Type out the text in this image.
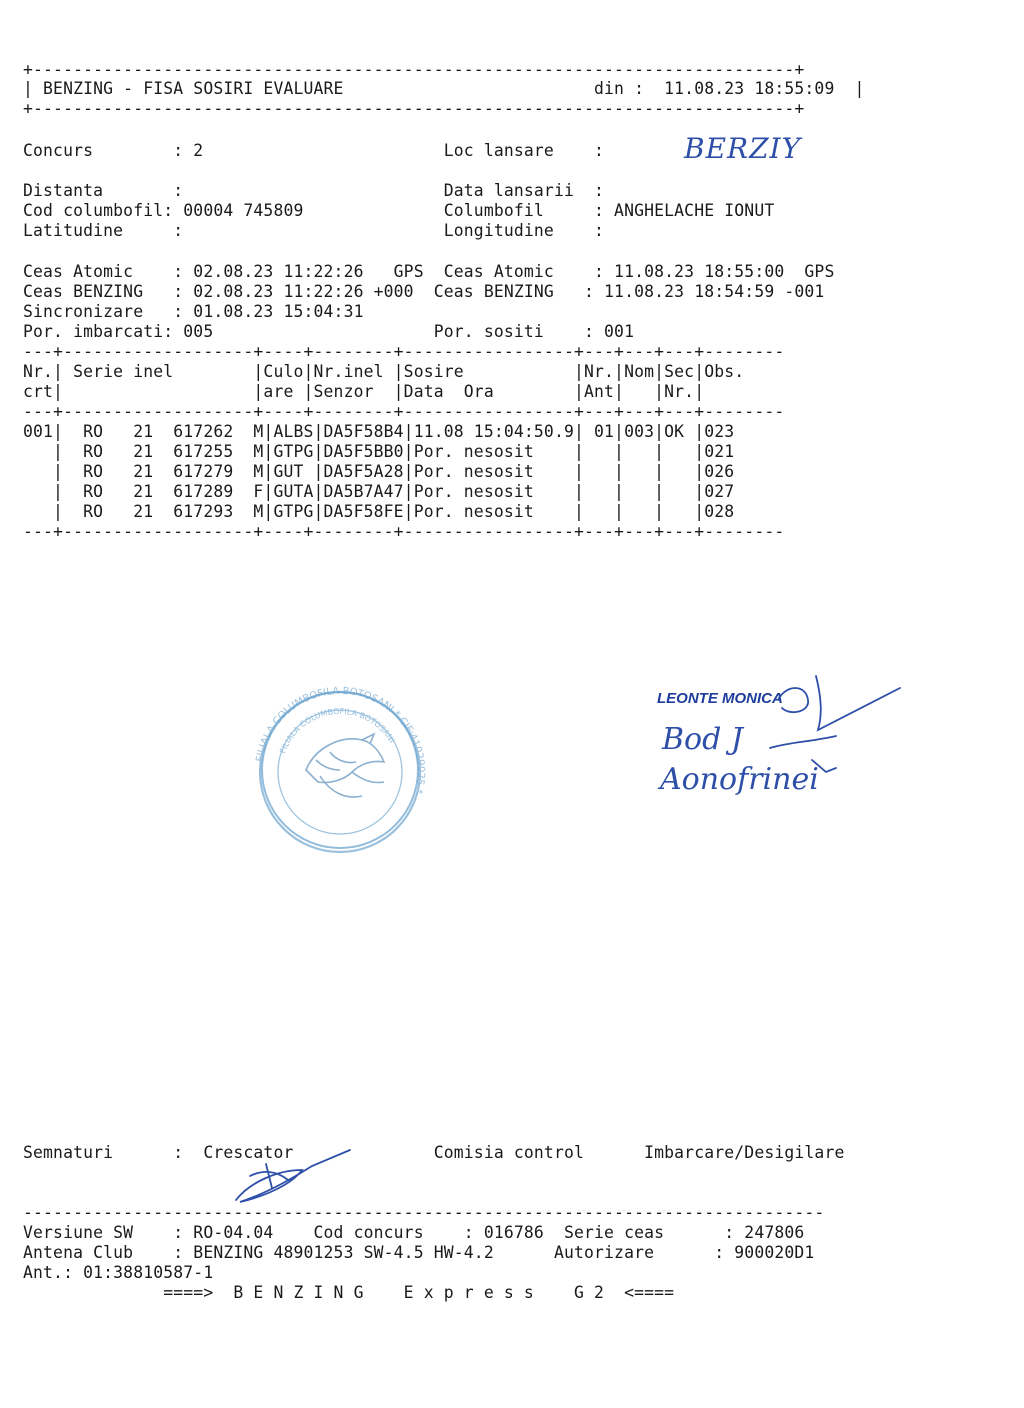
+----------------------------------------------------------------------------+

| BENZING - FISA SOSIRI EVALUARE                         din :  11.08.23 18:55:09  |

+----------------------------------------------------------------------------+

Concurs        : 2                        Loc lansare    :

Distanta       :                          Data lansarii  :

Cod columbofil: 00004 745809              Columbofil     : ANGHELACHE IONUT

Latitudine     :                          Longitudine    :

Ceas Atomic    : 02.08.23 11:22:26   GPS  Ceas Atomic    : 11.08.23 18:55:00  GPS

Ceas BENZING   : 02.08.23 11:22:26 +000  Ceas BENZING   : 11.08.23 18:54:59 -001

Sincronizare   : 01.08.23 15:04:31

Por. imbarcati: 005                      Por. sositi    : 001

---+-------------------+----+--------+-----------------+---+---+---+--------

Nr.| Serie inel        |Culo|Nr.inel |Sosire           |Nr.|Nom|Sec|Obs.

crt|                   |are |Senzor  |Data  Ora        |Ant|   |Nr.|

---+-------------------+----+--------+-----------------+---+---+---+--------

001|  RO   21  617262  M|ALBS|DA5F58B4|11.08 15:04:50.9| 01|003|OK |023

|  RO   21  617255  M|GTPG|DA5F5BB0|Por. nesosit    |   |   |   |021

|  RO   21  617279  M|GUT |DA5F5A28|Por. nesosit    |   |   |   |026

|  RO   21  617289  F|GUTA|DA5B7A47|Por. nesosit    |   |   |   |027

|  RO   21  617293  M|GTPG|DA5F58FE|Por. nesosit    |   |   |   |028

---+-------------------+----+--------+-----------------+---+---+---+--------

BERZIY
FILIALA COLUMBOFILA BOTOSANI * CIF:41029025 *
FILIALA COLUMBOFILA BOTOSANI
LEONTE MONICA
Bod J
Aonofrinei

Semnaturi      :  Crescator              Comisia control      Imbarcare/Desigilare

--------------------------------------------------------------------------------

Versiune SW    : RO-04.04    Cod concurs    : 016786  Serie ceas      : 247806

Antena Club    : BENZING 48901253 SW-4.5 HW-4.2      Autorizare      : 900020D1

Ant.: 01:38810587-1

====>  B E N Z I N G    E x p r e s s    G 2  <====
